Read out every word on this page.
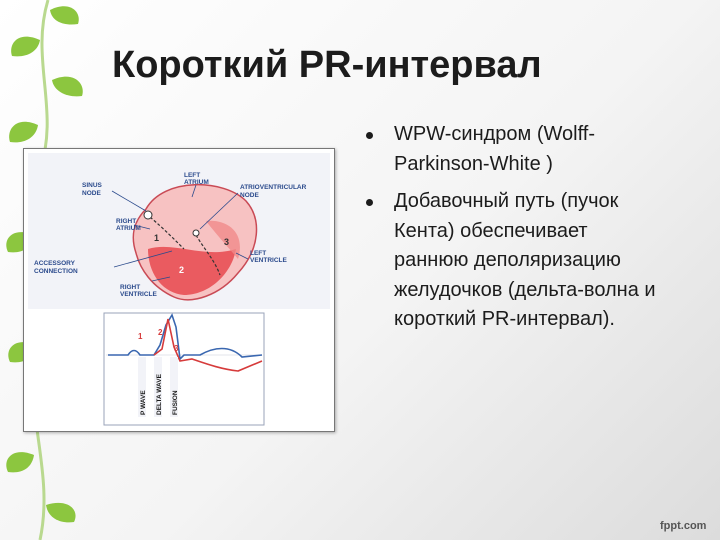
Короткий PR-интервал
1
2
3
SINUS
NODE
LEFT
ATRIUM
ATRIOVENTRICULAR
NODE
RIGHT
ATRIUM
ACCESSORY
CONNECTION
LEFT
VENTRICLE
RIGHT
VENTRICLE
1 2
3
P WAVE DELTA WAVE FUSION
WPW-синдром (Wolff-Parkinson-White )
Добавочный путь (пучок Кента) обеспечивает раннюю деполяризацию желудочков (дельта-волна и короткий PR-интервал).
fppt.com
